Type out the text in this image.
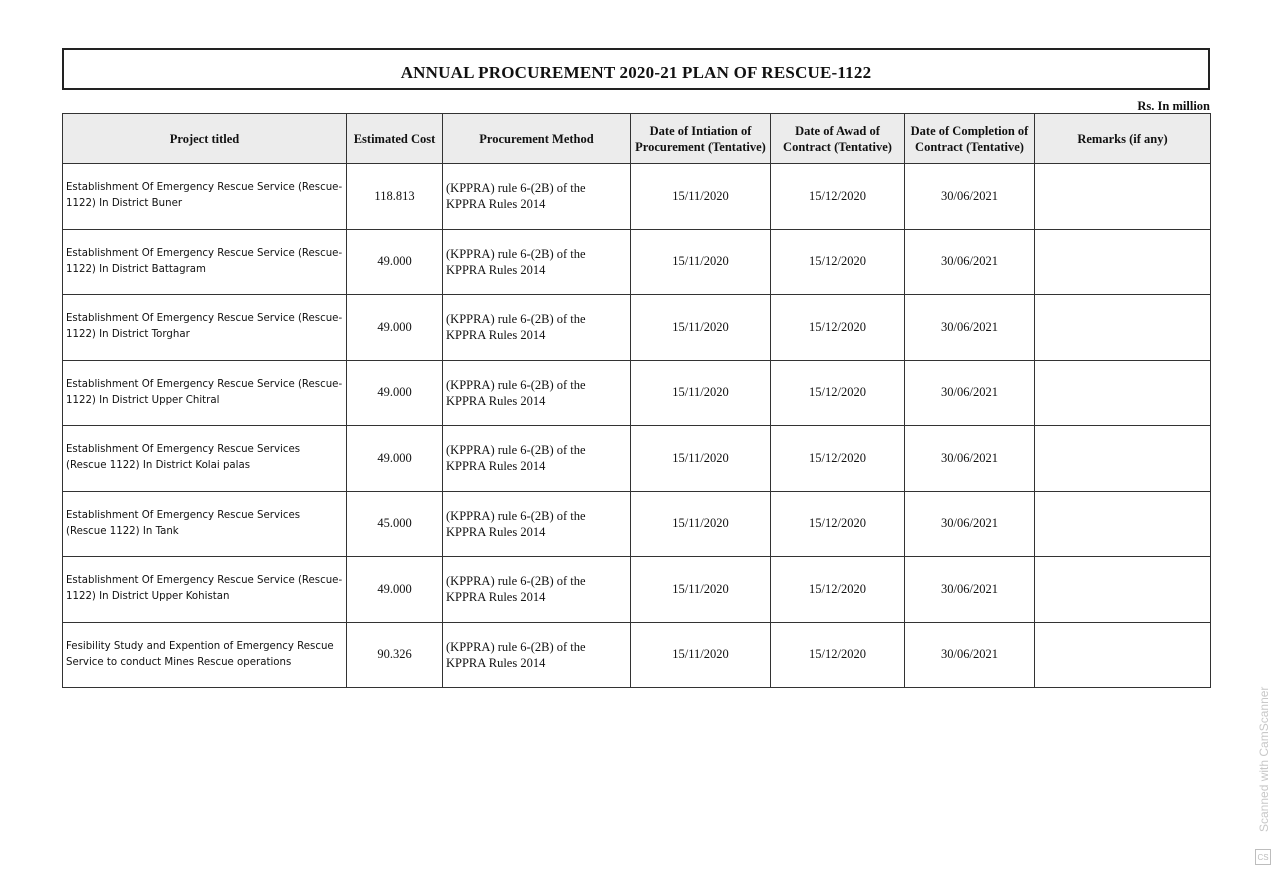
ANNUAL PROCUREMENT 2020-21 PLAN OF RESCUE-1122
Rs. In million
Project titled	Estimated Cost	Procurement Method	Date of Intiation of Procurement (Tentative)	Date of Awad of Contract (Tentative)	Date of Completion of Contract (Tentative)	Remarks (if any)
Establishment Of Emergency Rescue Service (Rescue-1122) In District Buner	118.813	(KPPRA) rule 6-(2B) of the KPPRA Rules 2014	15/11/2020	15/12/2020	30/06/2021	
Establishment Of Emergency Rescue Service (Rescue-1122) In District Battagram	49.000	(KPPRA) rule 6-(2B) of the KPPRA Rules 2014	15/11/2020	15/12/2020	30/06/2021	
Establishment Of Emergency Rescue Service (Rescue-1122) In District Torghar	49.000	(KPPRA) rule 6-(2B) of the KPPRA Rules 2014	15/11/2020	15/12/2020	30/06/2021	
Establishment Of Emergency Rescue Service (Rescue-1122) In District Upper Chitral	49.000	(KPPRA) rule 6-(2B) of the KPPRA Rules 2014	15/11/2020	15/12/2020	30/06/2021	
Establishment Of Emergency Rescue Services (Rescue 1122) In District Kolai palas	49.000	(KPPRA) rule 6-(2B) of the KPPRA Rules 2014	15/11/2020	15/12/2020	30/06/2021	
Establishment Of Emergency Rescue Services (Rescue 1122) In Tank	45.000	(KPPRA) rule 6-(2B) of the KPPRA Rules 2014	15/11/2020	15/12/2020	30/06/2021	
Establishment Of Emergency Rescue Service (Rescue-1122) In District Upper Kohistan	49.000	(KPPRA) rule 6-(2B) of the KPPRA Rules 2014	15/11/2020	15/12/2020	30/06/2021	
Fesibility Study and Expention of Emergency Rescue Service to conduct Mines Rescue operations	90.326	(KPPRA) rule 6-(2B) of the KPPRA Rules 2014	15/11/2020	15/12/2020	30/06/2021	
Scanned with CamScanner
CS
